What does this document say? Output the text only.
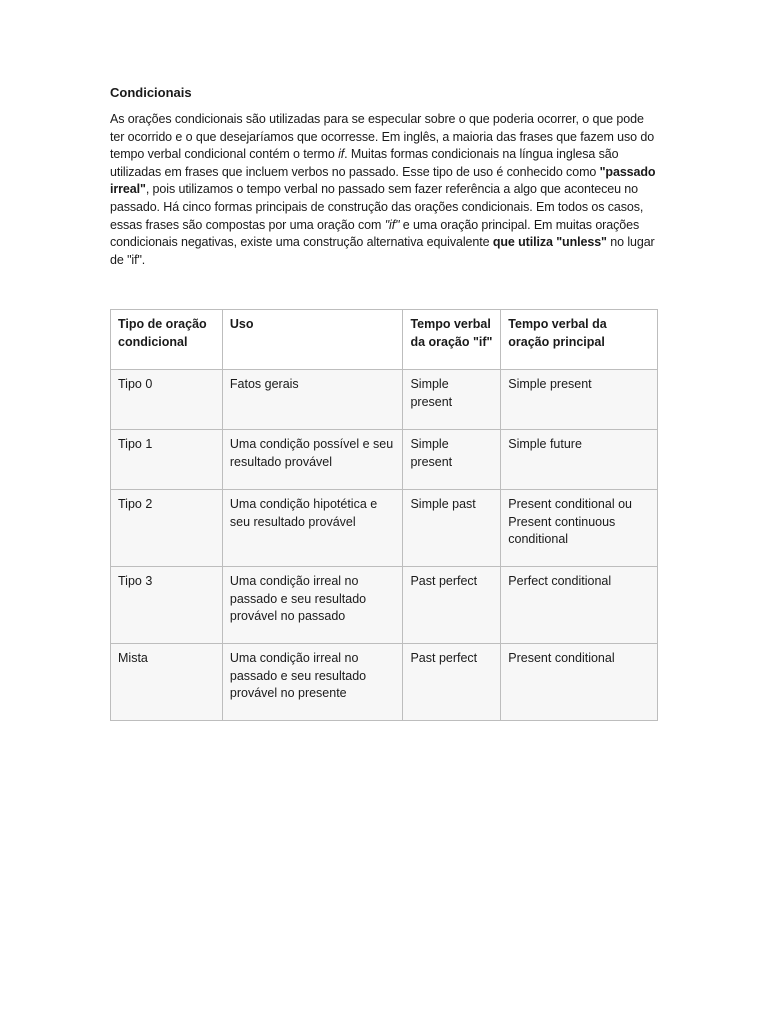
Condicionais

As orações condicionais são utilizadas para se especular sobre o que poderia ocorrer, o que pode ter ocorrido e o que desejaríamos que ocorresse. Em inglês, a maioria das frases que fazem uso do tempo verbal condicional contém o termo if. Muitas formas condicionais na língua inglesa são utilizadas em frases que incluem verbos no passado. Esse tipo de uso é conhecido como "passado irreal", pois utilizamos o tempo verbal no passado sem fazer referência a algo que aconteceu no passado. Há cinco formas principais de construção das orações condicionais. Em todos os casos, essas frases são compostas por uma oração com "if" e uma oração principal. Em muitas orações condicionais negativas, existe uma construção alternativa equivalente que utiliza "unless" no lugar de "if".

Tipo de oração condicional	Uso	Tempo verbal da oração "if"	Tempo verbal da oração principal
Tipo 0	Fatos gerais	Simple present	Simple present
Tipo 1	Uma condição possível e seu resultado provável	Simple present	Simple future
Tipo 2	Uma condição hipotética e seu resultado provável	Simple past	Present conditional ou Present continuous conditional
Tipo 3	Uma condição irreal no passado e seu resultado provável no passado	Past perfect	Perfect conditional
Mista	Uma condição irreal no passado e seu resultado provável no presente	Past perfect	Present conditional
